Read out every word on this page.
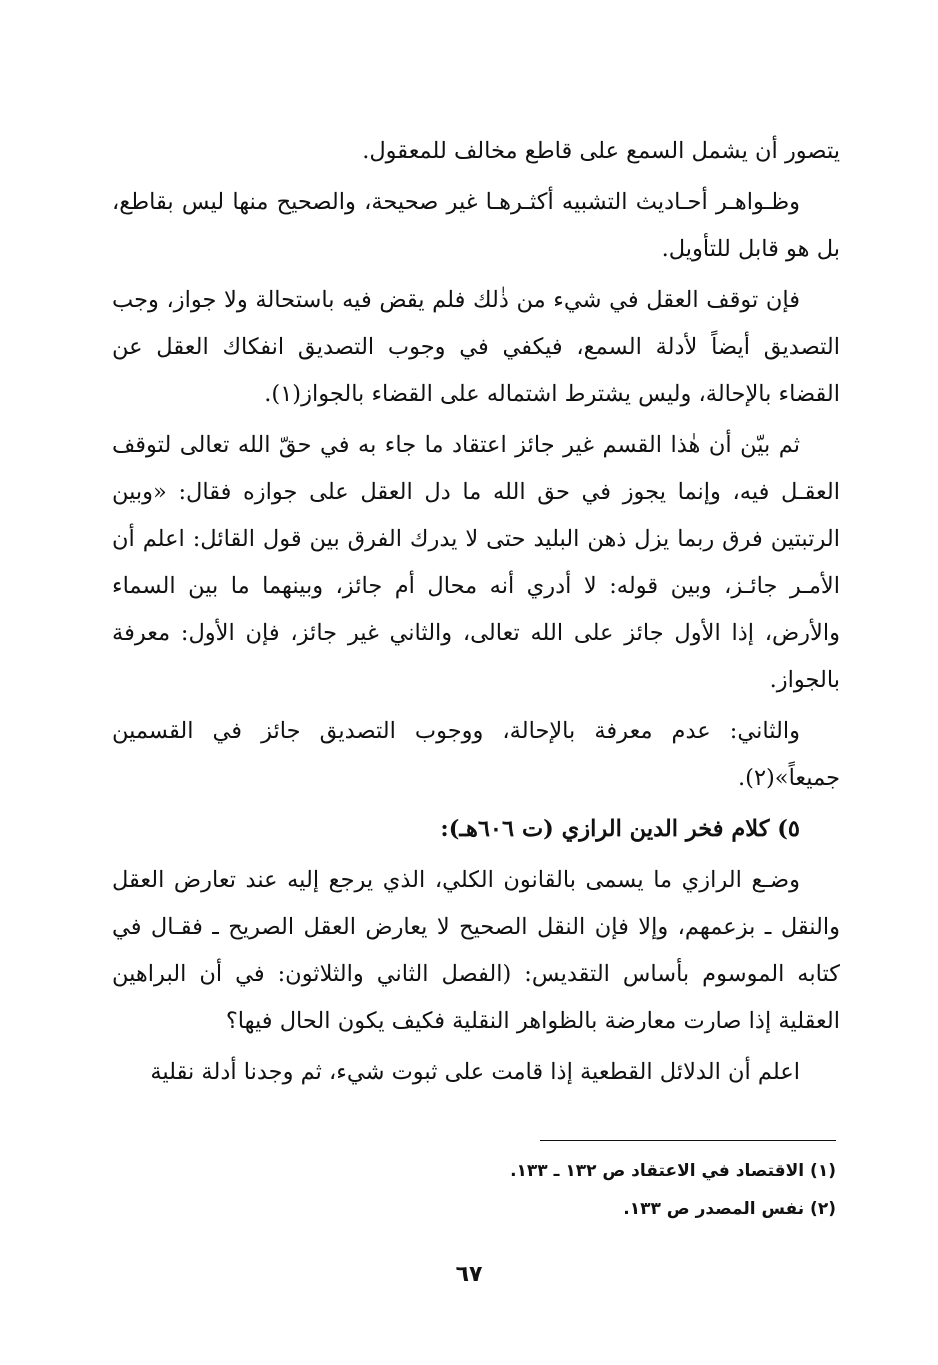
يتصور أن يشمل السمع على قاطع مخالف للمعقول.

وظـواهـر أحـاديث التشبيه أكثـرهـا غير صحيحة، والصحيح منها ليس بقاطع، بل هو قابل للتأويل.

فإن توقف العقل في شيء من ذٰلك فلم يقض فيه باستحالة ولا جواز، وجب التصديق أيضاً لأدلة السمع، فيكفي في وجوب التصديق انفكاك العقل عن القضاء بالإحالة، وليس يشترط اشتماله على القضاء بالجواز(١).

ثم بيّن أن هٰذا القسم غير جائز اعتقاد ما جاء به في حقّ الله تعالى لتوقف العقـل فيه، وإنما يجوز في حق الله ما دل العقل على جوازه فقال: «وبين الرتبتين فرق ربما يزل ذهن البليد حتى لا يدرك الفرق بين قول القائل: اعلم أن الأمـر جائـز، وبين قوله: لا أدري أنه محال أم جائز، وبينهما ما بين السماء والأرض، إذا الأول جائز على الله تعالى، والثاني غير جائز، فإن الأول: معرفة بالجواز.

والثاني: عدم معرفة بالإحالة، ووجوب التصديق جائز في القسمين جميعاً»(٢).

٥) كلام فخر الدين الرازي (ت ٦٠٦هـ):

وضـع الرازي ما يسمى بالقانون الكلي، الذي يرجع إليه عند تعارض العقل والنقل ـ بزعمهم، وإلا فإن النقل الصحيح لا يعارض العقل الصريح ـ فقـال في كتابه الموسوم بأساس التقديس: (الفصل الثاني والثلاثون: في أن البراهين العقلية إذا صارت معارضة بالظواهر النقلية فكيف يكون الحال فيها؟

اعلم أن الدلائل القطعية إذا قامت على ثبوت شيء، ثم وجدنا أدلة نقلية

(١) الاقتصاد في الاعتقاد ص ١٣٢ ـ ١٣٣.

(٢) نفس المصدر ص ١٣٣.

٦٧
